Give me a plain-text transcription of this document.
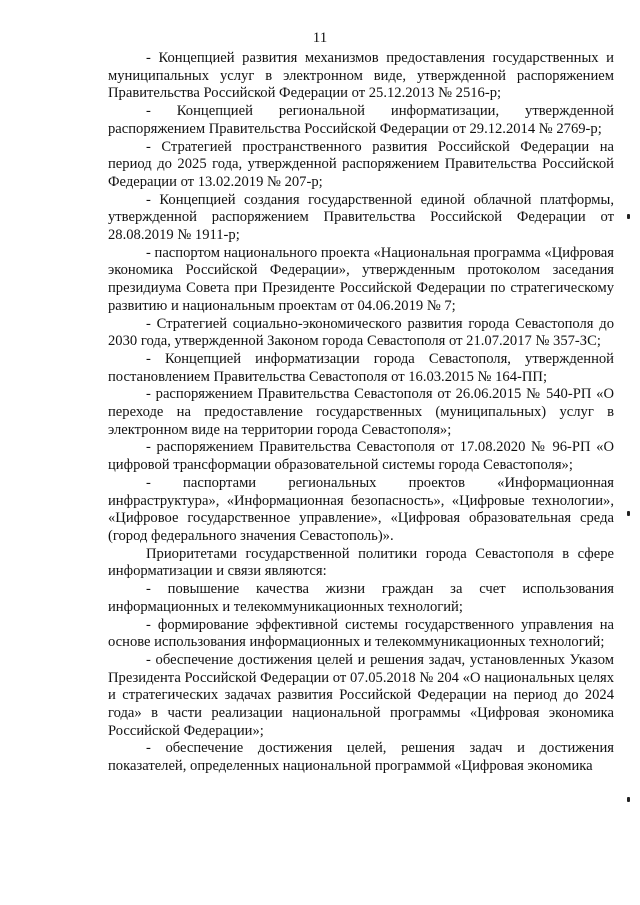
11

- Концепцией развития механизмов предоставления государственных и муниципальных услуг в электронном виде, утвержденной распоряжением Правительства Российской Федерации от 25.12.2013 № 2516-р;

- Концепцией региональной информатизации, утвержденной распоряжением Правительства Российской Федерации от 29.12.2014 № 2769-р;

- Стратегией пространственного развития Российской Федерации на период до 2025 года, утвержденной распоряжением Правительства Российской Федерации от 13.02.2019 № 207-р;

- Концепцией создания государственной единой облачной платформы, утвержденной распоряжением Правительства Российской Федерации от 28.08.2019 № 1911-р;

- паспортом национального проекта «Национальная программа «Цифровая экономика Российской Федерации», утвержденным протоколом заседания президиума Совета при Президенте Российской Федерации по стратегическому развитию и национальным проектам от 04.06.2019 № 7;

- Стратегией социально-экономического развития города Севастополя до 2030 года, утвержденной Законом города Севастополя от 21.07.2017 № 357-ЗС;

- Концепцией информатизации города Севастополя, утвержденной постановлением Правительства Севастополя от 16.03.2015 № 164-ПП;

- распоряжением Правительства Севастополя от 26.06.2015 № 540-РП «О переходе на предоставление государственных (муниципальных) услуг в электронном виде на территории города Севастополя»;

- распоряжением Правительства Севастополя от 17.08.2020 № 96-РП «О цифровой трансформации образовательной системы города Севастополя»;

- паспортами региональных проектов «Информационная инфраструктура», «Информационная безопасность», «Цифровые технологии», «Цифровое государственное управление», «Цифровая образовательная среда (город федерального значения Севастополь)».

Приоритетами государственной политики города Севастополя в сфере информатизации и связи являются:

- повышение качества жизни граждан за счет использования информационных и телекоммуникационных технологий;

- формирование эффективной системы государственного управления на основе использования информационных и телекоммуникационных технологий;

- обеспечение достижения целей и решения задач, установленных Указом Президента Российской Федерации от 07.05.2018 № 204 «О национальных целях и стратегических задачах развития Российской Федерации на период до 2024 года» в части реализации национальной программы «Цифровая экономика Российской Федерации»;

- обеспечение достижения целей, решения задач и достижения показателей, определенных национальной программой «Цифровая экономика
